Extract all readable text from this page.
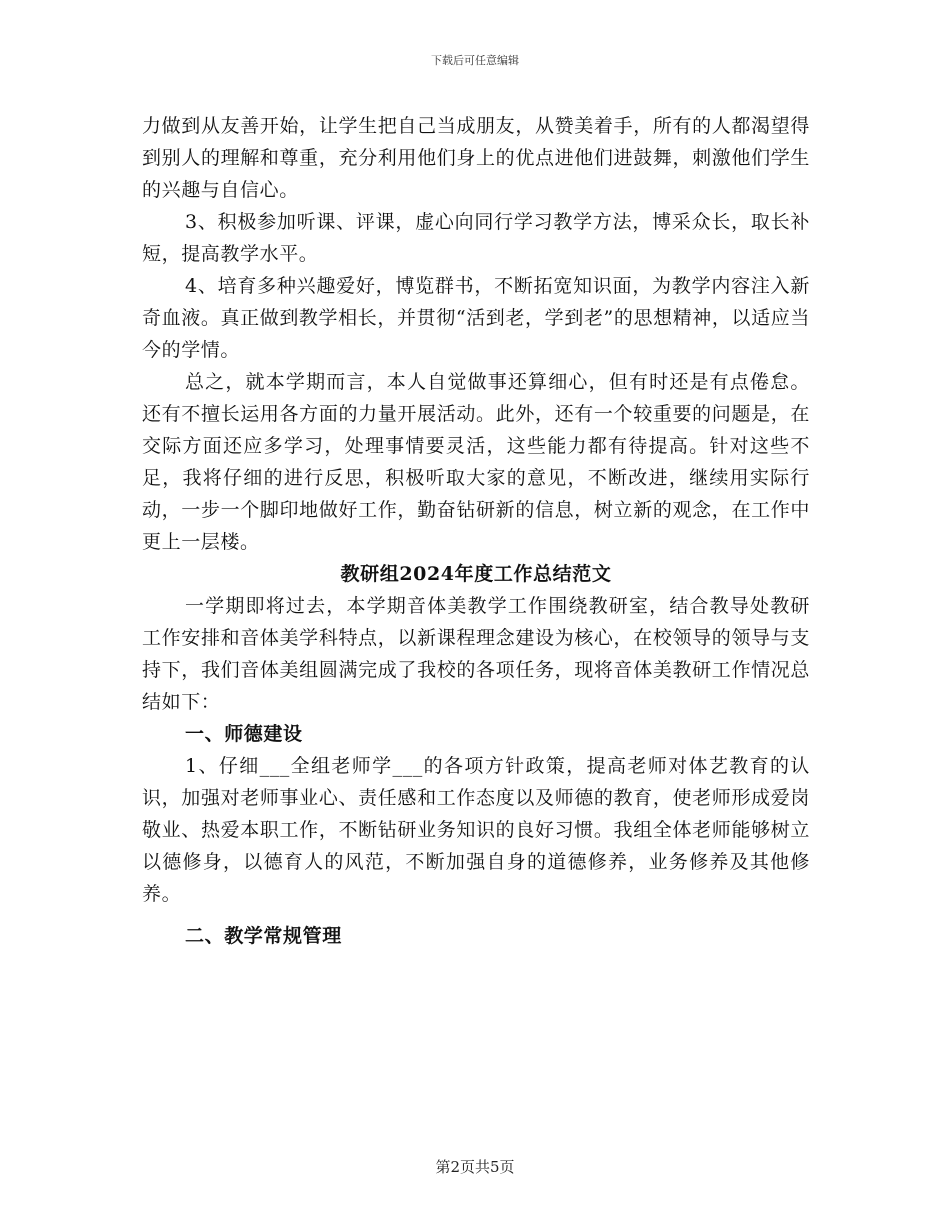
下载后可任意编辑

力做到从友善开始，让学生把自己当成朋友，从赞美着手，所有的人都渴望得到别人的理解和尊重，充分利用他们身上的优点进他们进鼓舞，刺激他们学生的兴趣与自信心。

3、积极参加听课、评课，虚心向同行学习教学方法，博采众长，取长补短，提高教学水平。

4、培育多种兴趣爱好，博览群书，不断拓宽知识面，为教学内容注入新奇血液。真正做到教学相长，并贯彻“活到老，学到老”的思想精神，以适应当今的学情。

总之，就本学期而言，本人自觉做事还算细心，但有时还是有点倦怠。还有不擅长运用各方面的力量开展活动。此外，还有一个较重要的问题是，在交际方面还应多学习，处理事情要灵活，这些能力都有待提高。针对这些不足，我将仔细的进行反思，积极听取大家的意见，不断改进，继续用实际行动，一步一个脚印地做好工作，勤奋钻研新的信息，树立新的观念，在工作中更上一层楼。

教研组2024年度工作总结范文

一学期即将过去，本学期音体美教学工作围绕教研室，结合教导处教研工作安排和音体美学科特点，以新课程理念建设为核心，在校领导的领导与支持下，我们音体美组圆满完成了我校的各项任务，现将音体美教研工作情况总结如下：

一、师德建设

1、仔细___全组老师学___的各项方针政策，提高老师对体艺教育的认识，加强对老师事业心、责任感和工作态度以及师德的教育，使老师形成爱岗敬业、热爱本职工作，不断钻研业务知识的良好习惯。我组全体老师能够树立以德修身，以德育人的风范，不断加强自身的道德修养，业务修养及其他修养。

二、教学常规管理

第2页共5页
